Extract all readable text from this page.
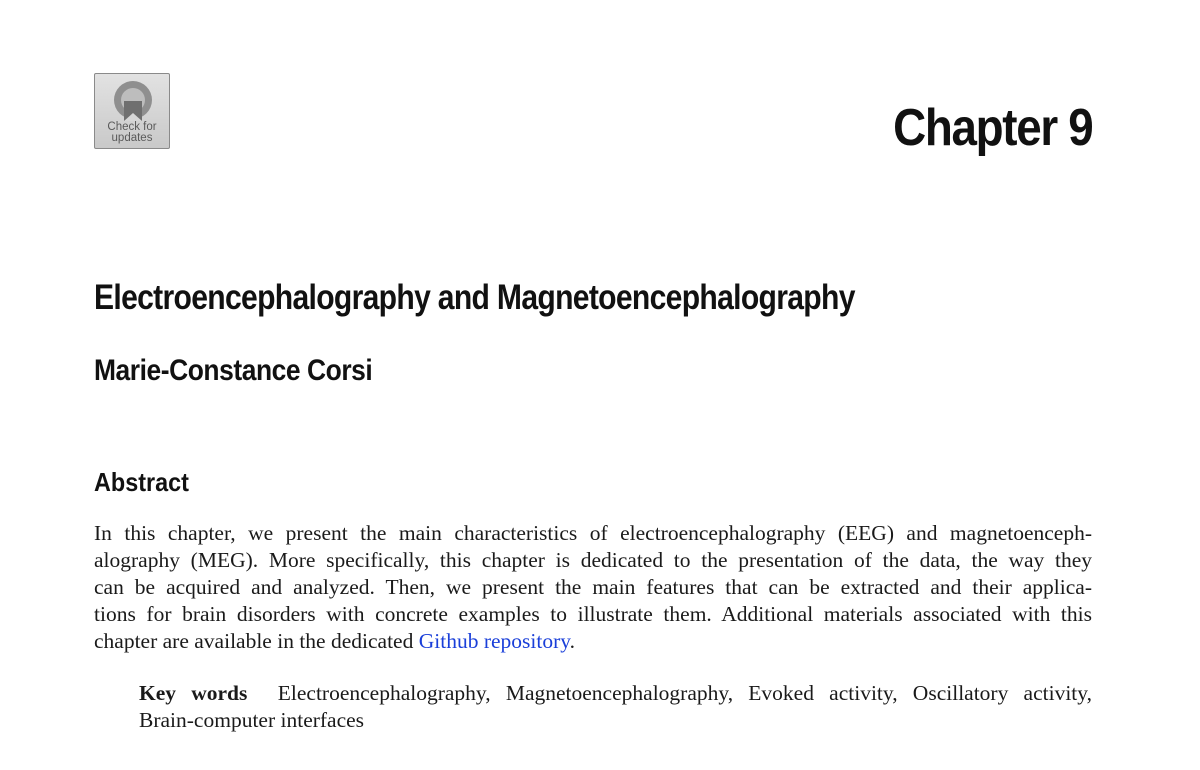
Check for
updates	Chapter 9
Electroencephalography and Magnetoencephalography
Marie-Constance Corsi
Abstract
In this chapter, we present the main characteristics of electroencephalography (EEG) and magnetoenceph-
alography (MEG). More specifically, this chapter is dedicated to the presentation of the data, the way they
can be acquired and analyzed. Then, we present the main features that can be extracted and their applica-
tions for brain disorders with concrete examples to illustrate them. Additional materials associated with this
chapter are available in the dedicated Github repository.
Key words Electroencephalography, Magnetoencephalography, Evoked activity, Oscillatory activity,
Brain-computer interfaces
